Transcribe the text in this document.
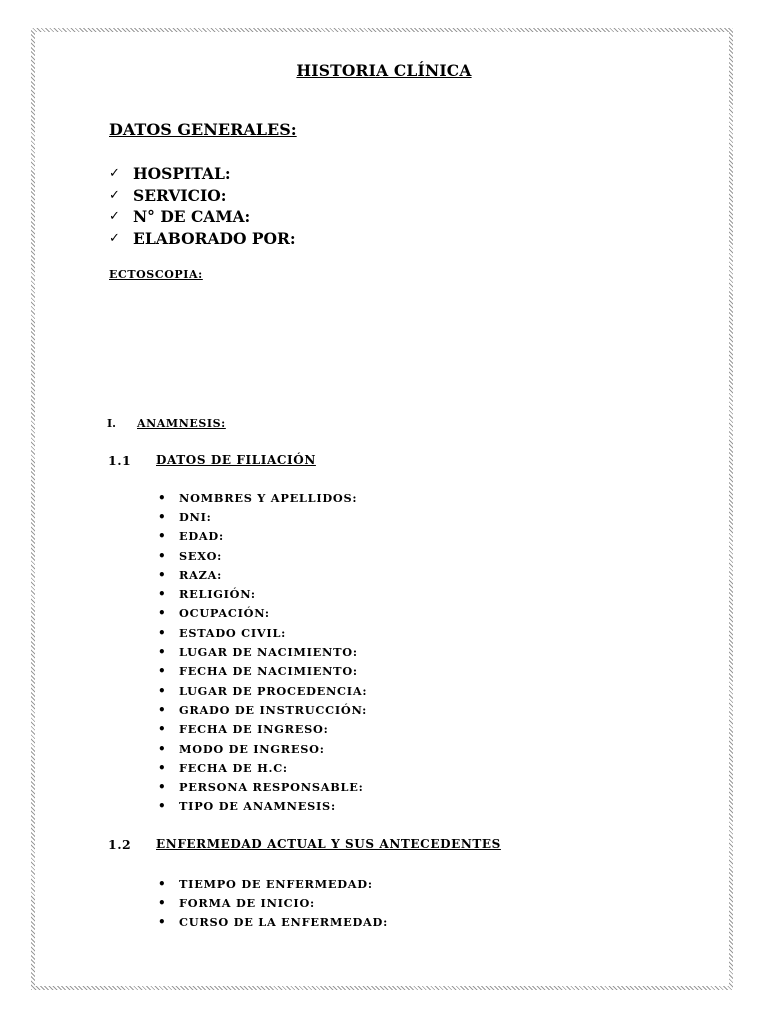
HISTORIA CLÍNICA
DATOS GENERALES:
✓ HOSPITAL:
✓ SERVICIO:
✓ N° DE CAMA:
✓ ELABORADO POR:
ECTOSCOPIA:
I. ANAMNESIS:
1.1 DATOS DE FILIACIÓN
•	NOMBRES Y APELLIDOS:
•	DNI:
•	EDAD:
•	SEXO:
•	RAZA:
•	RELIGIÓN:
•	OCUPACIÓN:
•	ESTADO CIVIL:
•	LUGAR DE NACIMIENTO:
•	FECHA DE NACIMIENTO:
•	LUGAR DE PROCEDENCIA:
•	GRADO DE INSTRUCCIÓN:
•	FECHA DE INGRESO:
•	MODO DE INGRESO:
•	FECHA DE H.C:
•	PERSONA RESPONSABLE:
•	TIPO DE ANAMNESIS:
1.2 ENFERMEDAD ACTUAL Y SUS ANTECEDENTES
•	TIEMPO DE ENFERMEDAD:
•	FORMA DE INICIO:
•	CURSO DE LA ENFERMEDAD:
